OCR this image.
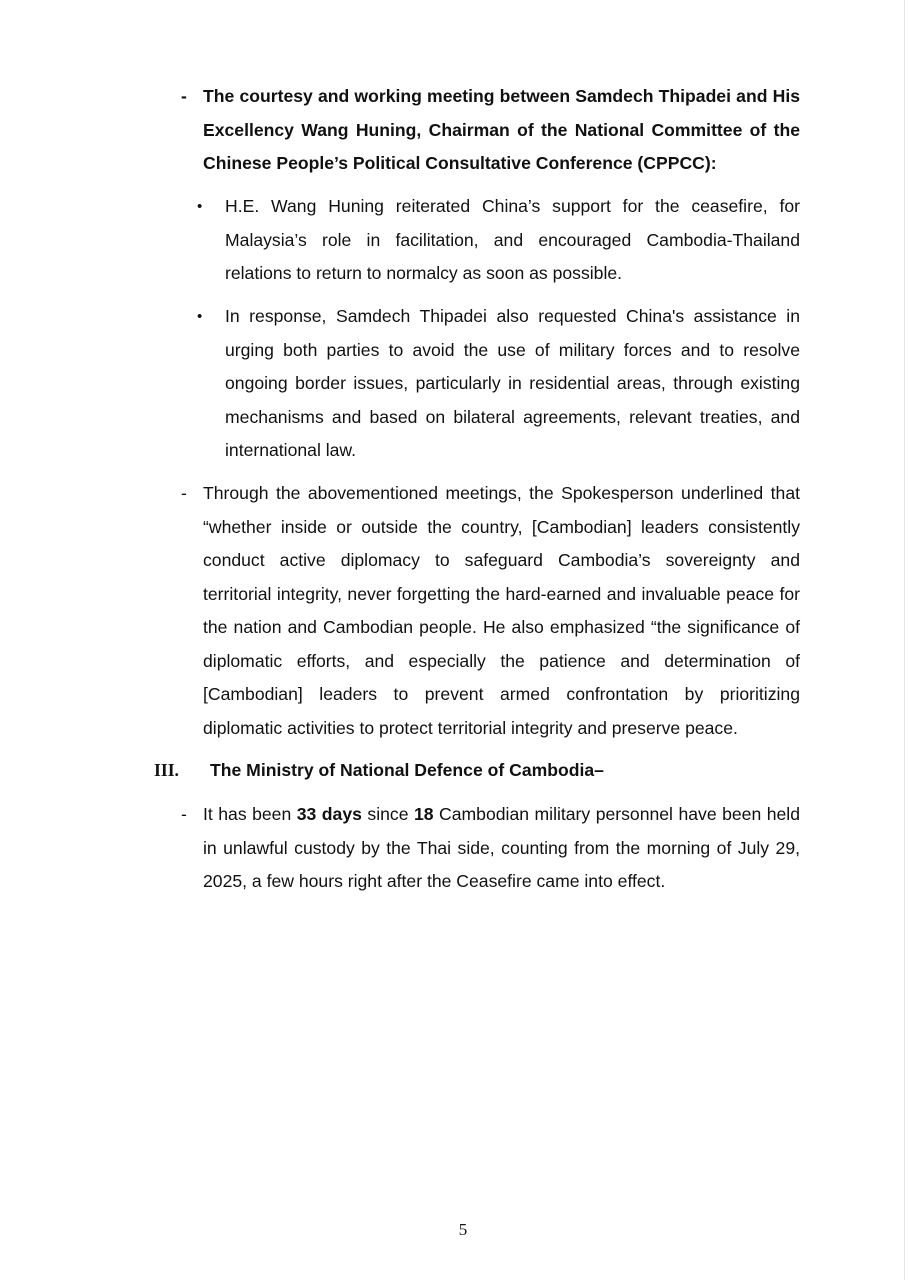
- The courtesy and working meeting between Samdech Thipadei and His Excellency Wang Huning, Chairman of the National Committee of the Chinese People’s Political Consultative Conference (CPPCC):
• H.E. Wang Huning reiterated China’s support for the ceasefire, for Malaysia’s role in facilitation, and encouraged Cambodia-Thailand relations to return to normalcy as soon as possible.
• In response, Samdech Thipadei also requested China's assistance in urging both parties to avoid the use of military forces and to resolve ongoing border issues, particularly in residential areas, through existing mechanisms and based on bilateral agreements, relevant treaties, and international law.
- Through the abovementioned meetings, the Spokesperson underlined that “whether inside or outside the country, [Cambodian] leaders consistently conduct active diplomacy to safeguard Cambodia’s sovereignty and territorial integrity, never forgetting the hard-earned and invaluable peace for the nation and Cambodian people. He also emphasized “the significance of diplomatic efforts, and especially the patience and determination of [Cambodian] leaders to prevent armed confrontation by prioritizing diplomatic activities to protect territorial integrity and preserve peace.
III. The Ministry of National Defence of Cambodia–
- It has been 33 days since 18 Cambodian military personnel have been held in unlawful custody by the Thai side, counting from the morning of July 29, 2025, a few hours right after the Ceasefire came into effect.
5
